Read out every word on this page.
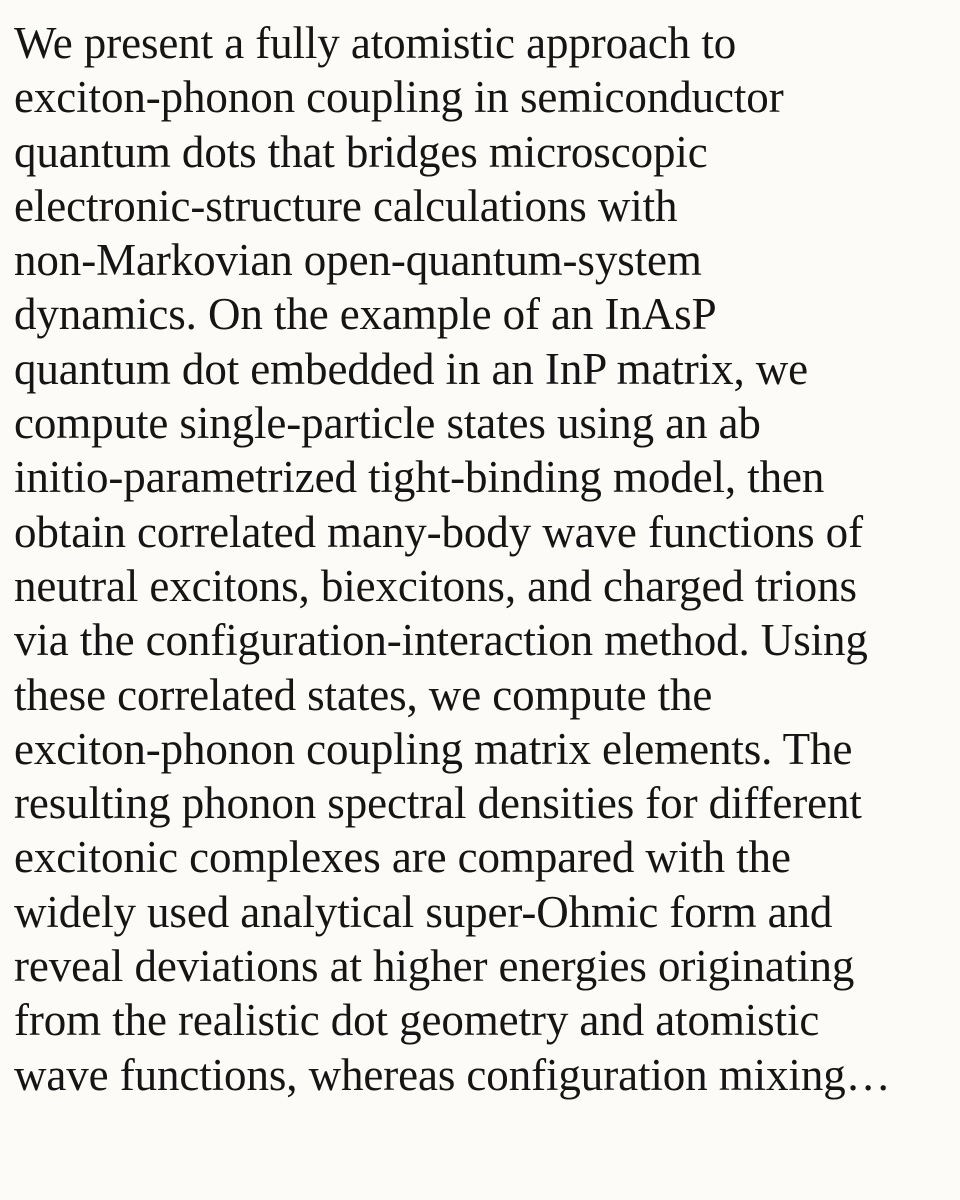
We present a fully atomistic approach to
exciton-phonon coupling in semiconductor
quantum dots that bridges microscopic
electronic-structure calculations with
non-Markovian open-quantum-system
dynamics. On the example of an InAsP
quantum dot embedded in an InP matrix, we
compute single-particle states using an ab
initio-parametrized tight-binding model, then
obtain correlated many-body wave functions of
neutral excitons, biexcitons, and charged trions
via the configuration-interaction method. Using
these correlated states, we compute the
exciton-phonon coupling matrix elements. The
resulting phonon spectral densities for different
excitonic complexes are compared with the
widely used analytical super-Ohmic form and
reveal deviations at higher energies originating
from the realistic dot geometry and atomistic
wave functions, whereas configuration mixing…
